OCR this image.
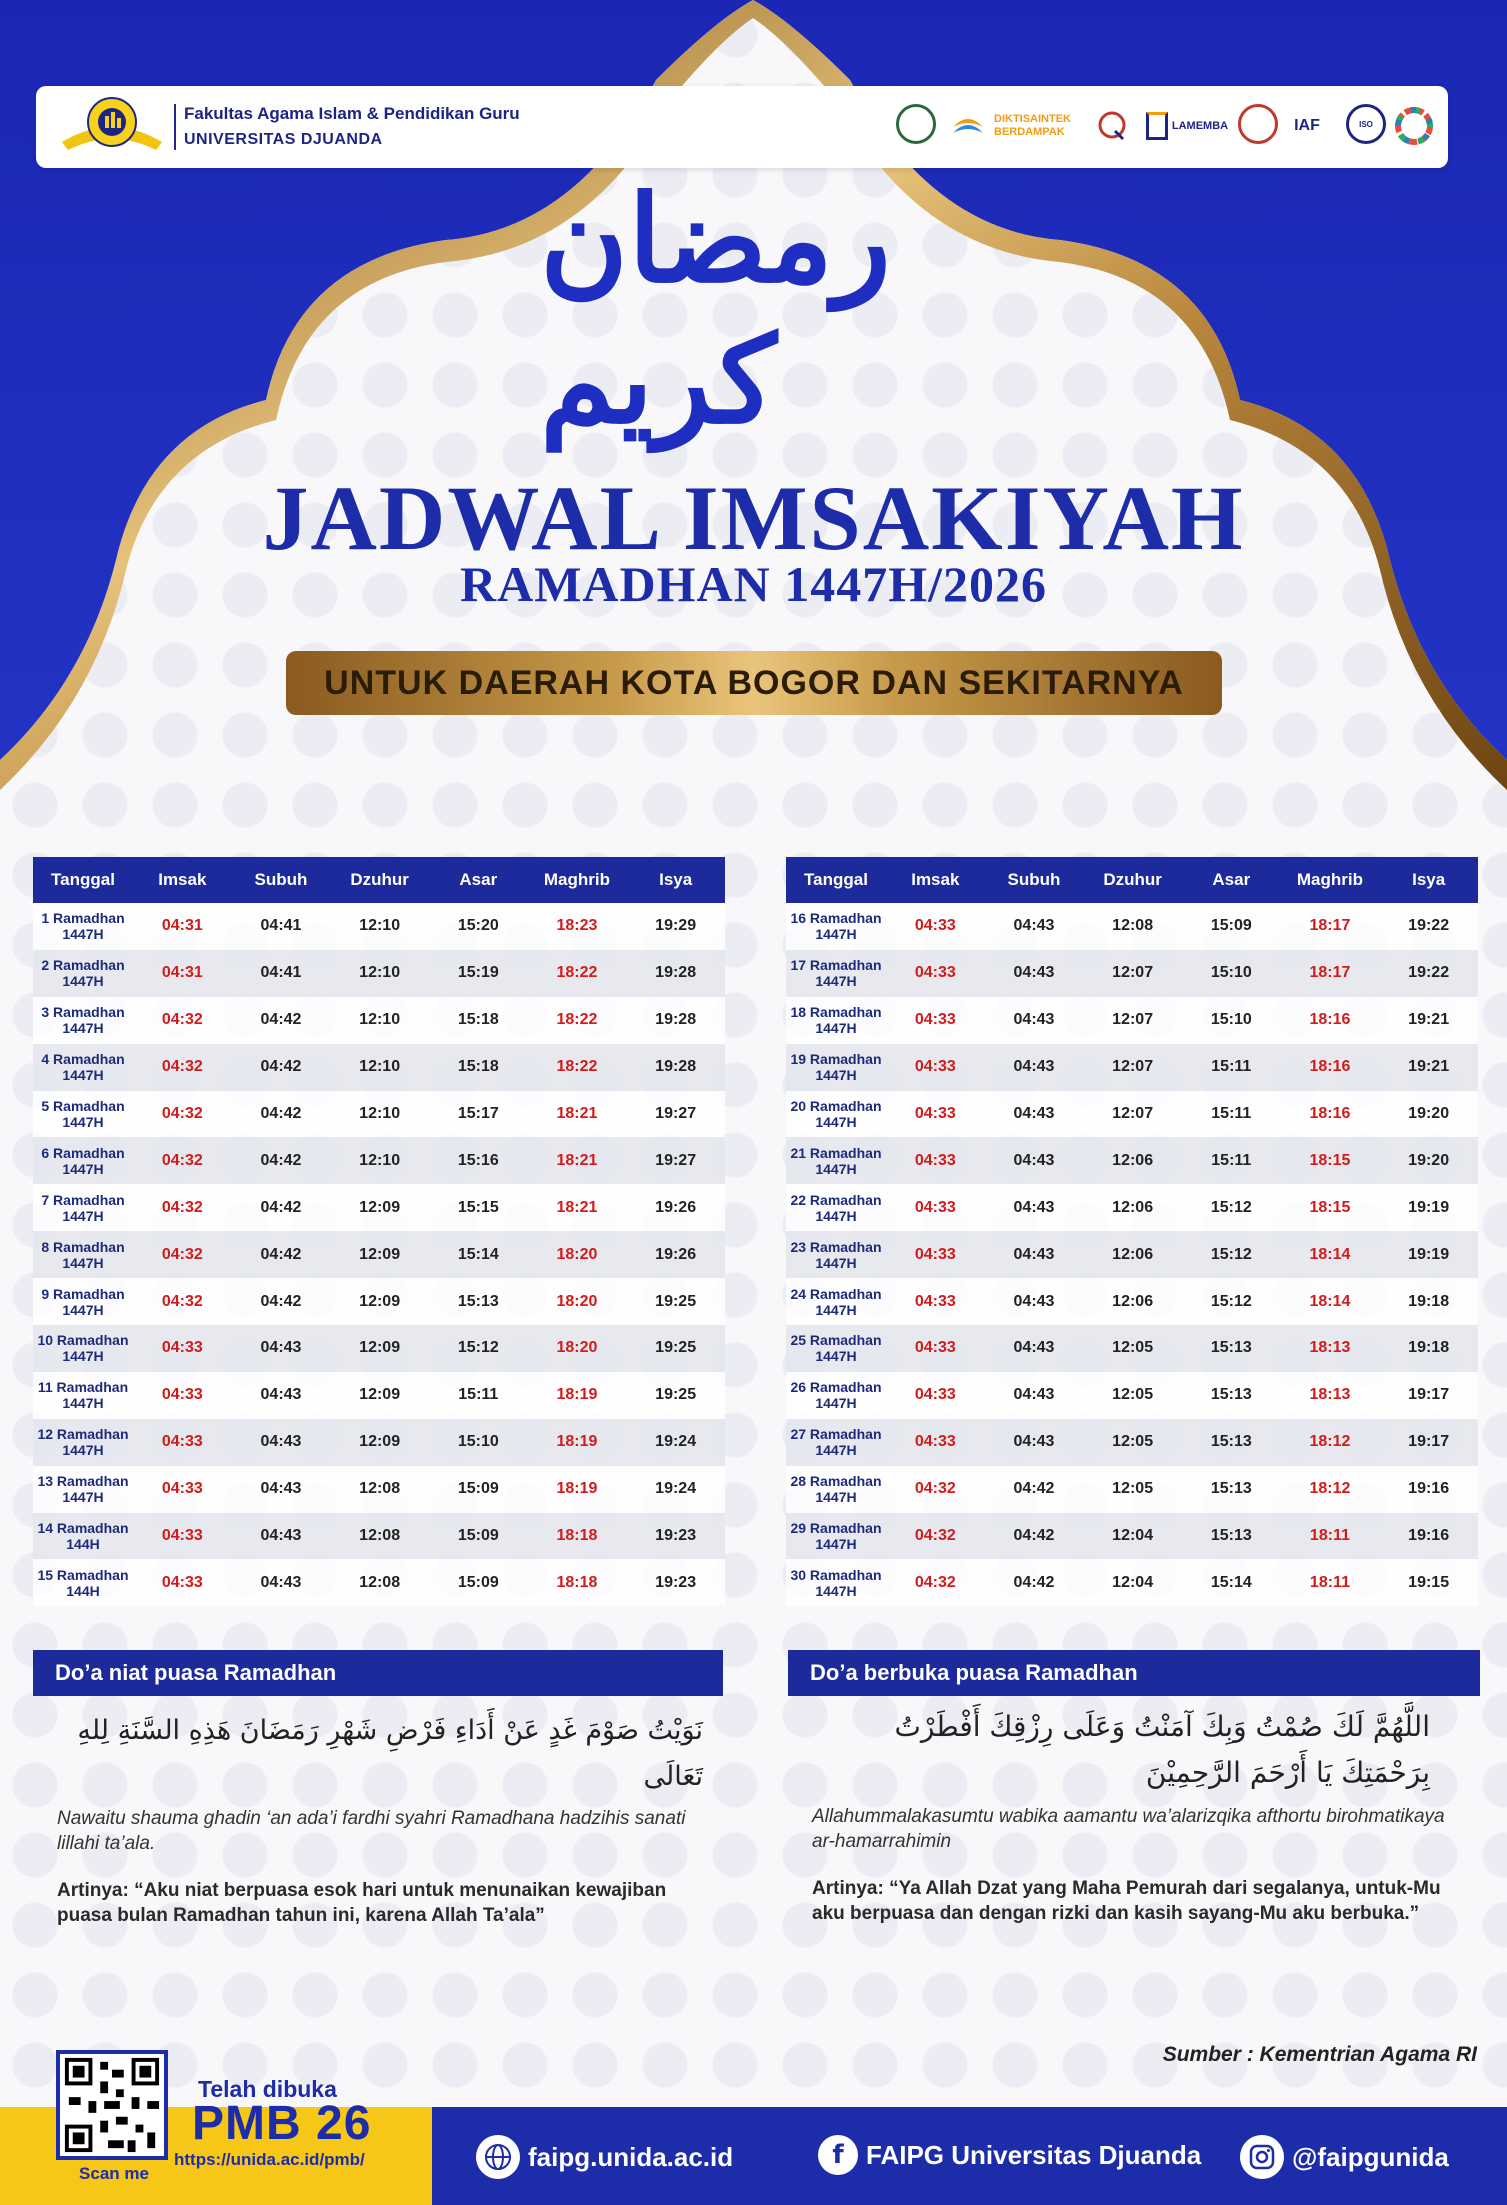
Fakultas Agama Islam & Pendidikan Guru
UNIVERSITAS DJUANDA
DIKTISAINTEK BERDAMPAK	LAMEMBA	IAF	ISO
رمضان كريم
JADWAL IMSAKIYAH
RAMADHAN 1447H/2026
UNTUK DAERAH KOTA BOGOR DAN SEKITARNYA
Tanggal	Imsak	Subuh	Dzuhur	Asar	Maghrib	Isya

1 Ramadhan
1447H	04:31	04:41	12:10	15:20	18:23	19:29

2 Ramadhan
1447H	04:31	04:41	12:10	15:19	18:22	19:28

3 Ramadhan
1447H	04:32	04:42	12:10	15:18	18:22	19:28

4 Ramadhan
1447H	04:32	04:42	12:10	15:18	18:22	19:28

5 Ramadhan
1447H	04:32	04:42	12:10	15:17	18:21	19:27

6 Ramadhan
1447H	04:32	04:42	12:10	15:16	18:21	19:27

7 Ramadhan
1447H	04:32	04:42	12:09	15:15	18:21	19:26

8 Ramadhan
1447H	04:32	04:42	12:09	15:14	18:20	19:26

9 Ramadhan
1447H	04:32	04:42	12:09	15:13	18:20	19:25

10 Ramadhan
1447H	04:33	04:43	12:09	15:12	18:20	19:25

11 Ramadhan
1447H	04:33	04:43	12:09	15:11	18:19	19:25

12 Ramadhan
1447H	04:33	04:43	12:09	15:10	18:19	19:24

13 Ramadhan
1447H	04:33	04:43	12:08	15:09	18:19	19:24

14 Ramadhan
144H	04:33	04:43	12:08	15:09	18:18	19:23

15 Ramadhan
144H	04:33	04:43	12:08	15:09	18:18	19:23
Tanggal	Imsak	Subuh	Dzuhur	Asar	Maghrib	Isya

16 Ramadhan
1447H	04:33	04:43	12:08	15:09	18:17	19:22

17 Ramadhan
1447H	04:33	04:43	12:07	15:10	18:17	19:22

18 Ramadhan
1447H	04:33	04:43	12:07	15:10	18:16	19:21

19 Ramadhan
1447H	04:33	04:43	12:07	15:11	18:16	19:21

20 Ramadhan
1447H	04:33	04:43	12:07	15:11	18:16	19:20

21 Ramadhan
1447H	04:33	04:43	12:06	15:11	18:15	19:20

22 Ramadhan
1447H	04:33	04:43	12:06	15:12	18:15	19:19

23 Ramadhan
1447H	04:33	04:43	12:06	15:12	18:14	19:19

24 Ramadhan
1447H	04:33	04:43	12:06	15:12	18:14	19:18

25 Ramadhan
1447H	04:33	04:43	12:05	15:13	18:13	19:18

26 Ramadhan
1447H	04:33	04:43	12:05	15:13	18:13	19:17

27 Ramadhan
1447H	04:33	04:43	12:05	15:13	18:12	19:17

28 Ramadhan
1447H	04:32	04:42	12:05	15:13	18:12	19:16

29 Ramadhan
1447H	04:32	04:42	12:04	15:13	18:11	19:16

30 Ramadhan
1447H	04:32	04:42	12:04	15:14	18:11	19:15
Do’a niat puasa Ramadhan
نَوَيْتُ صَوْمَ غَدٍ عَنْ أَدَاءِ فَرْضِ شَهْرِ رَمَضَانَ هَذِهِ السَّنَةِ لِلهِ تَعَالَى
Nawaitu shauma ghadin ‘an ada’i fardhi syahri Ramadhana hadzihis sanati lillahi ta’ala.
Artinya: “Aku niat berpuasa esok hari untuk menunaikan kewajiban puasa bulan Ramadhan tahun ini, karena Allah Ta’ala”
Do’a berbuka puasa Ramadhan
اللَّهُمَّ لَكَ صُمْتُ وَبِكَ آمَنْتُ وَعَلَى رِزْقِكَ أَفْطَرْتُ بِرَحْمَتِكَ يَا أَرْحَمَ الرَّحِمِيْنَ
Allahummalakasumtu wabika aamantu wa’alarizqika afthortu birohmatikaya ar-hamarrahimin
Artinya: “Ya Allah Dzat yang Maha Pemurah dari segalanya, untuk-Mu aku berpuasa dan dengan rizki dan kasih sayang-Mu aku berbuka.”
Sumber : Kementrian Agama RI
Scan me
Telah dibuka
PMB 26
https://unida.ac.id/pmb/	faipg.unida.ac.id	f FAIPG Universitas Djuanda	@faipgunida
